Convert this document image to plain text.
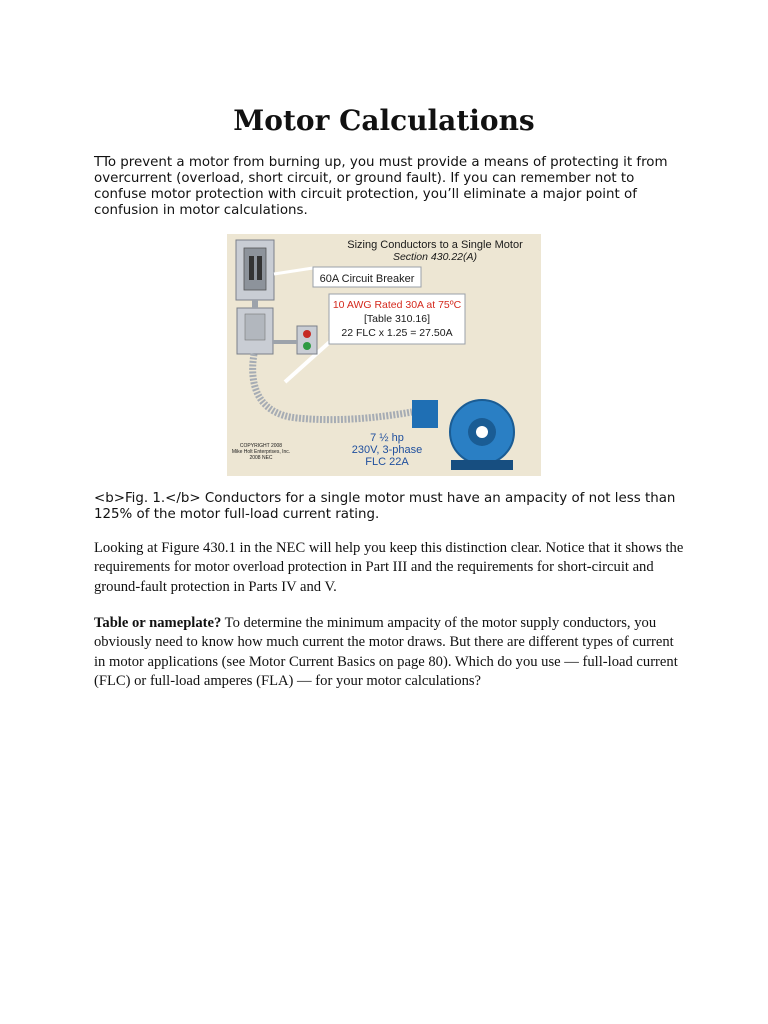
Motor Calculations

TTo prevent a motor from burning up, you must provide a means of protecting it from overcurrent (overload, short circuit, or ground fault). If you can remember not to confuse motor protection with circuit protection, you’ll eliminate a major point of confusion in motor calculations.

60A Circuit Breaker
10 AWG Rated 30A at 75ºC
[Table 310.16]
22 FLC x 1.25 = 27.50A
7 ½ hp
230V, 3-phase
FLC 22A
Sizing Conductors to a Single Motor
Section 430.22(A)
COPYRIGHT 2008
Mike Holt Enterprises, Inc.
2008 NEC

<b>Fig. 1.</b> Conductors for a single motor must have an ampacity of not less than 125% of the motor full-load current rating.

Looking at Figure 430.1 in the NEC will help you keep this distinction clear. Notice that it shows the requirements for motor overload protection in Part III and the requirements for short-circuit and ground-fault protection in Parts IV and V.

Table or nameplate? To determine the minimum ampacity of the motor supply conductors, you obviously need to know how much current the motor draws. But there are different types of current in motor applications (see Motor Current Basics on page 80). Which do you use — full-load current (FLC) or full-load amperes (FLA) — for your motor calculations?
